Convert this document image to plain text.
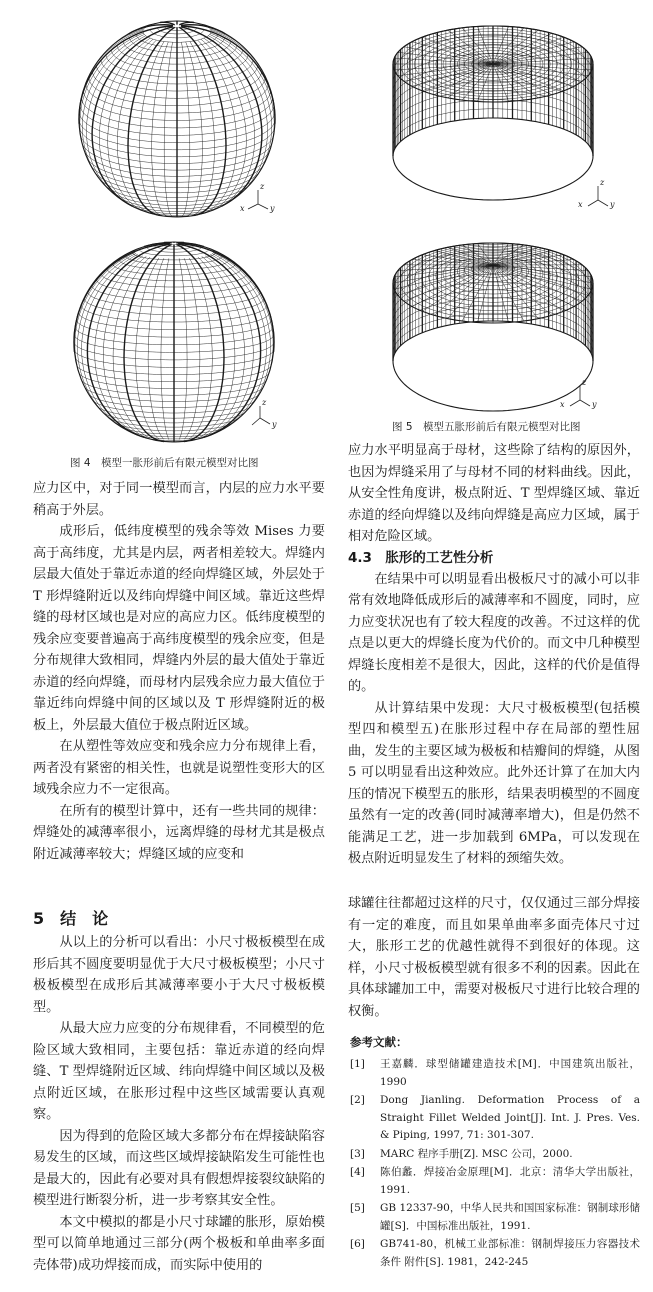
z
x	y
z
y
图 4　模型一胀形前后有限元模型对比图
z
x	y
z
x	y
图 5　模型五胀形前后有限元模型对比图

应力区中，对于同一模型而言，内层的应力水平要稍高于外层。

成形后，低纬度模型的残余等效 Mises 力要高于高纬度，尤其是内层，两者相差较大。焊缝内层最大值处于靠近赤道的经向焊缝区域，外层处于 T 形焊缝附近以及纬向焊缝中间区域。靠近这些焊缝的母材区域也是对应的高应力区。低纬度模型的残余应变要普遍高于高纬度模型的残余应变，但是分布规律大致相同，焊缝内外层的最大值处于靠近赤道的经向焊缝，而母材内层残余应力最大值位于靠近纬向焊缝中间的区域以及 T 形焊缝附近的极板上，外层最大值位于极点附近区域。

在从塑性等效应变和残余应力分布规律上看，两者没有紧密的相关性，也就是说塑性变形大的区域残余应力不一定很高。

在所有的模型计算中，还有一些共同的规律：焊缝处的减薄率很小，远离焊缝的母材尤其是极点附近减薄率较大；焊缝区域的应变和

应力水平明显高于母材，这些除了结构的原因外，也因为焊缝采用了与母材不同的材料曲线。因此，从安全性角度讲，极点附近、T 型焊缝区域、靠近赤道的经向焊缝以及纬向焊缝是高应力区域，属于相对危险区域。

4.3　胀形的工艺性分析

在结果中可以明显看出极板尺寸的减小可以非常有效地降低成形后的减薄率和不圆度，同时，应力应变状况也有了较大程度的改善。不过这样的优点是以更大的焊缝长度为代价的。而文中几种模型焊缝长度相差不是很大，因此，这样的代价是值得的。

从计算结果中发现：大尺寸极板模型(包括模型四和模型五)在胀形过程中存在局部的塑性屈曲，发生的主要区域为极板和桔瓣间的焊缝，从图 5 可以明显看出这种效应。此外还计算了在加大内压的情况下模型五的胀形，结果表明模型的不圆度虽然有一定的改善(同时减薄率增大)，但是仍然不能满足工艺，进一步加载到 6MPa，可以发现在极点附近明显发生了材料的颈缩失效。

5　结　论

从以上的分析可以看出：小尺寸极板模型在成形后其不圆度要明显优于大尺寸极板模型；小尺寸极板模型在成形后其减薄率要小于大尺寸极板模型。

从最大应力应变的分布规律看，不同模型的危险区域大致相同，主要包括：靠近赤道的经向焊缝、T 型焊缝附近区域、纬向焊缝中间区域以及极点附近区域，在胀形过程中这些区域需要认真观察。

因为得到的危险区域大多都分布在焊接缺陷容易发生的区域，而这些区域焊接缺陷发生可能性也是最大的，因此有必要对具有假想焊接裂纹缺陷的模型进行断裂分析，进一步考察其安全性。

本文中模拟的都是小尺寸球罐的胀形，原始模型可以简单地通过三部分(两个极板和单曲率多面壳体带)成功焊接而成，而实际中使用的

球罐往往都超过这样的尺寸，仅仅通过三部分焊接有一定的难度，而且如果单曲率多面壳体尺寸过大，胀形工艺的优越性就得不到很好的体现。这样，小尺寸极板模型就有很多不利的因素。因此在具体球罐加工中，需要对极板尺寸进行比较合理的权衡。

参考文献：
[1]	王嘉麟．球型储罐建造技术[M]．中国建筑出版社，1990
[2]	Dong Jianling. Deformation Process of a Straight Fillet Welded Joint[J]. Int. J. Pres. Ves. & Piping, 1997, 71: 301-307.
[3]	MARC 程序手册[Z]. MSC 公司，2000.
[4]	陈伯蠡．焊接冶金原理[M]．北京：清华大学出版社，1991.
[5]	GB 12337-90，中华人民共和国国家标准：钢制球形储罐[S]．中国标准出版社，1991.
[6]	GB741-80，机械工业部标准：钢制焊接压力容器技术条件 附件[S]. 1981，242-245
